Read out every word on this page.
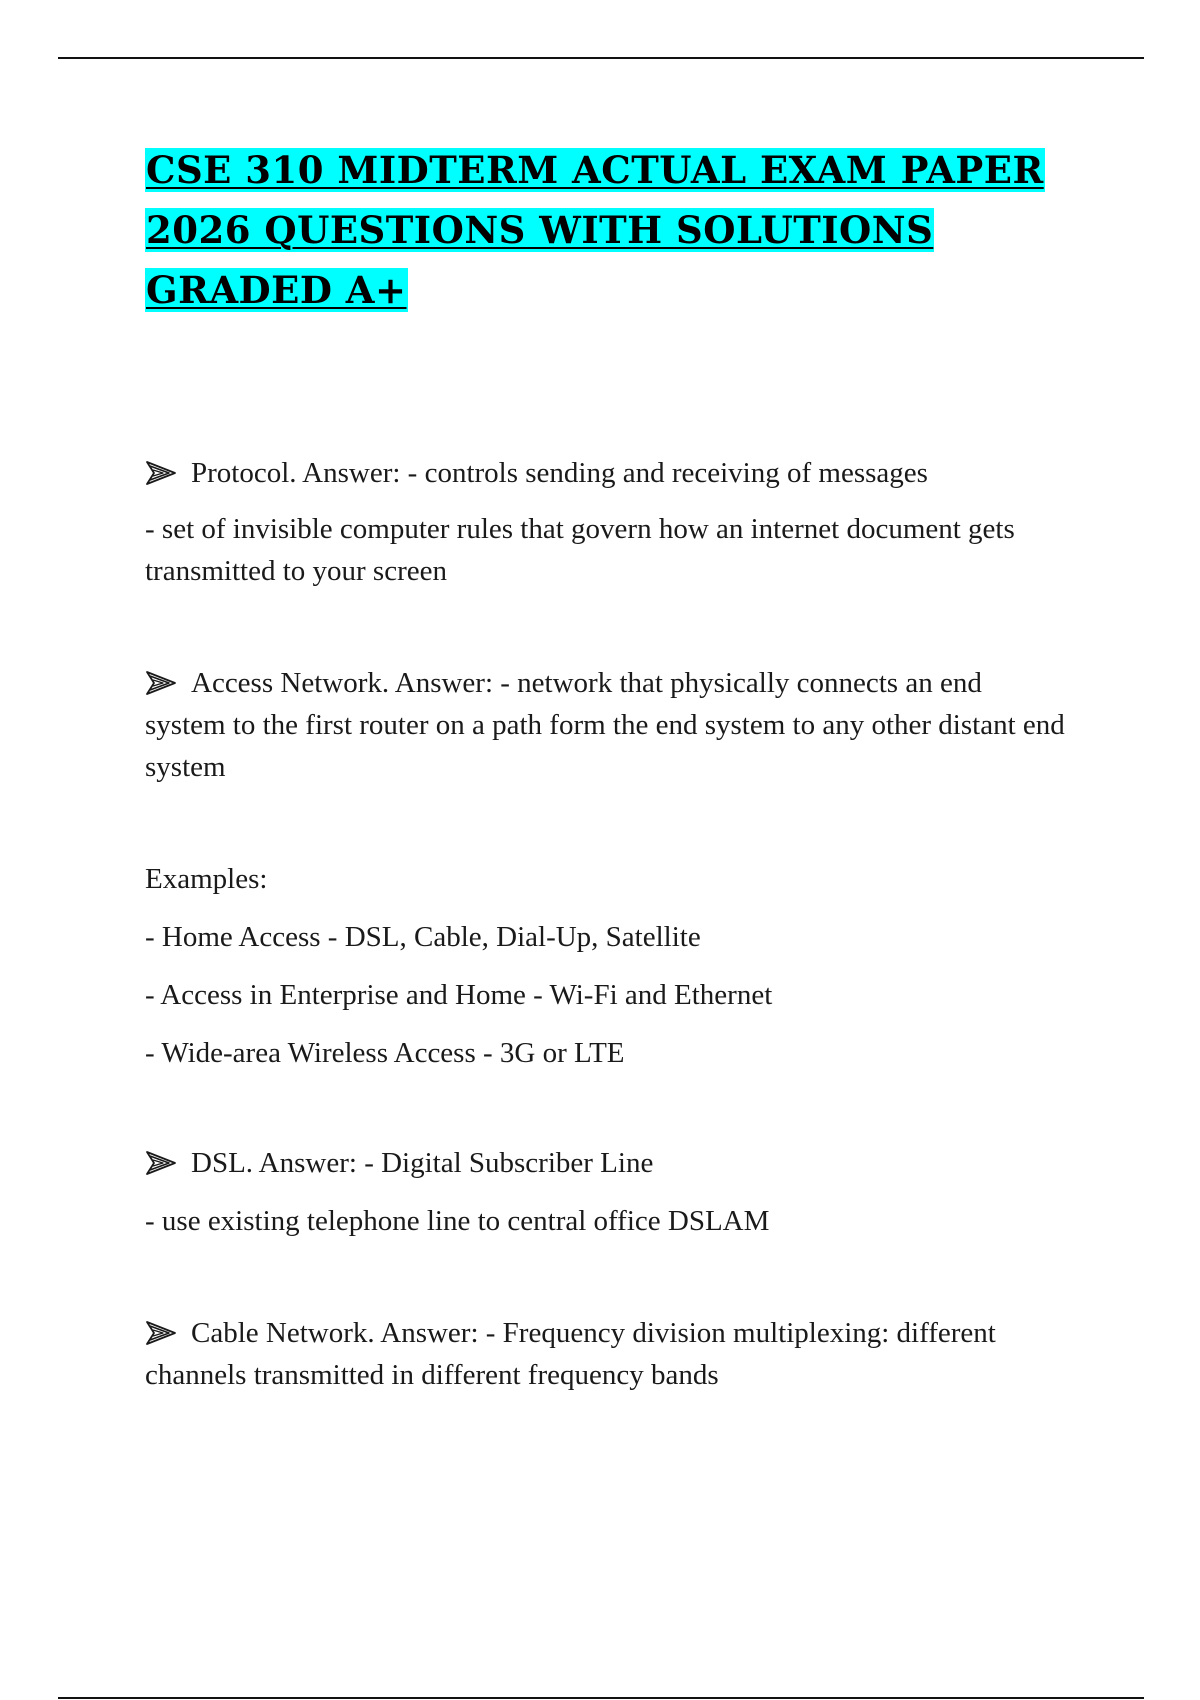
CSE 310 MIDTERM ACTUAL EXAM PAPER 2026 QUESTIONS WITH SOLUTIONS GRADED A+

Protocol. Answer: - controls sending and receiving of messages

- set of invisible computer rules that govern how an internet document gets transmitted to your screen

Access Network. Answer: - network that physically connects an end system to the first router on a path form the end system to any other distant end system

Examples:

- Home Access - DSL, Cable, Dial-Up, Satellite

- Access in Enterprise and Home - Wi-Fi and Ethernet

- Wide-area Wireless Access - 3G or LTE

DSL. Answer: - Digital Subscriber Line

- use existing telephone line to central office DSLAM

Cable Network. Answer: - Frequency division multiplexing: different channels transmitted in different frequency bands
